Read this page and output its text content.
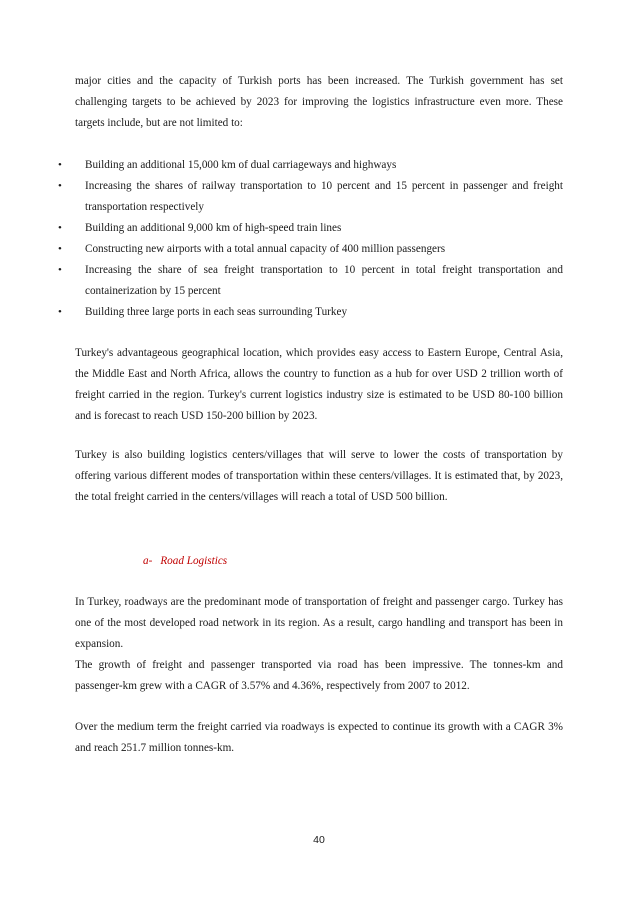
major cities and the capacity of Turkish ports has been increased. The Turkish government has set challenging targets to be achieved by 2023 for improving the logistics infrastructure even more. These targets include, but are not limited to:

• Building an additional 15,000 km of dual carriageways and highways
• Increasing the shares of railway transportation to 10 percent and 15 percent in passenger and freight transportation respectively
• Building an additional 9,000 km of high-speed train lines
• Constructing new airports with a total annual capacity of 400 million passengers
• Increasing the share of sea freight transportation to 10 percent in total freight transportation and containerization by 15 percent
• Building three large ports in each seas surrounding Turkey

Turkey's advantageous geographical location, which provides easy access to Eastern Europe, Central Asia, the Middle East and North Africa, allows the country to function as a hub for over USD 2 trillion worth of freight carried in the region. Turkey's current logistics industry size is estimated to be USD 80-100 billion and is forecast to reach USD 150-200 billion by 2023.

Turkey is also building logistics centers/villages that will serve to lower the costs of transportation by offering various different modes of transportation within these centers/villages. It is estimated that, by 2023, the total freight carried in the centers/villages will reach a total of USD 500 billion.

a- Road Logistics

In Turkey, roadways are the predominant mode of transportation of freight and passenger cargo. Turkey has one of the most developed road network in its region. As a result, cargo handling and transport has been in expansion.

The growth of freight and passenger transported via road has been impressive. The tonnes-km and passenger-km grew with a CAGR of 3.57% and 4.36%, respectively from 2007 to 2012.

Over the medium term the freight carried via roadways is expected to continue its growth with a CAGR 3% and reach 251.7 million tonnes-km.

40
